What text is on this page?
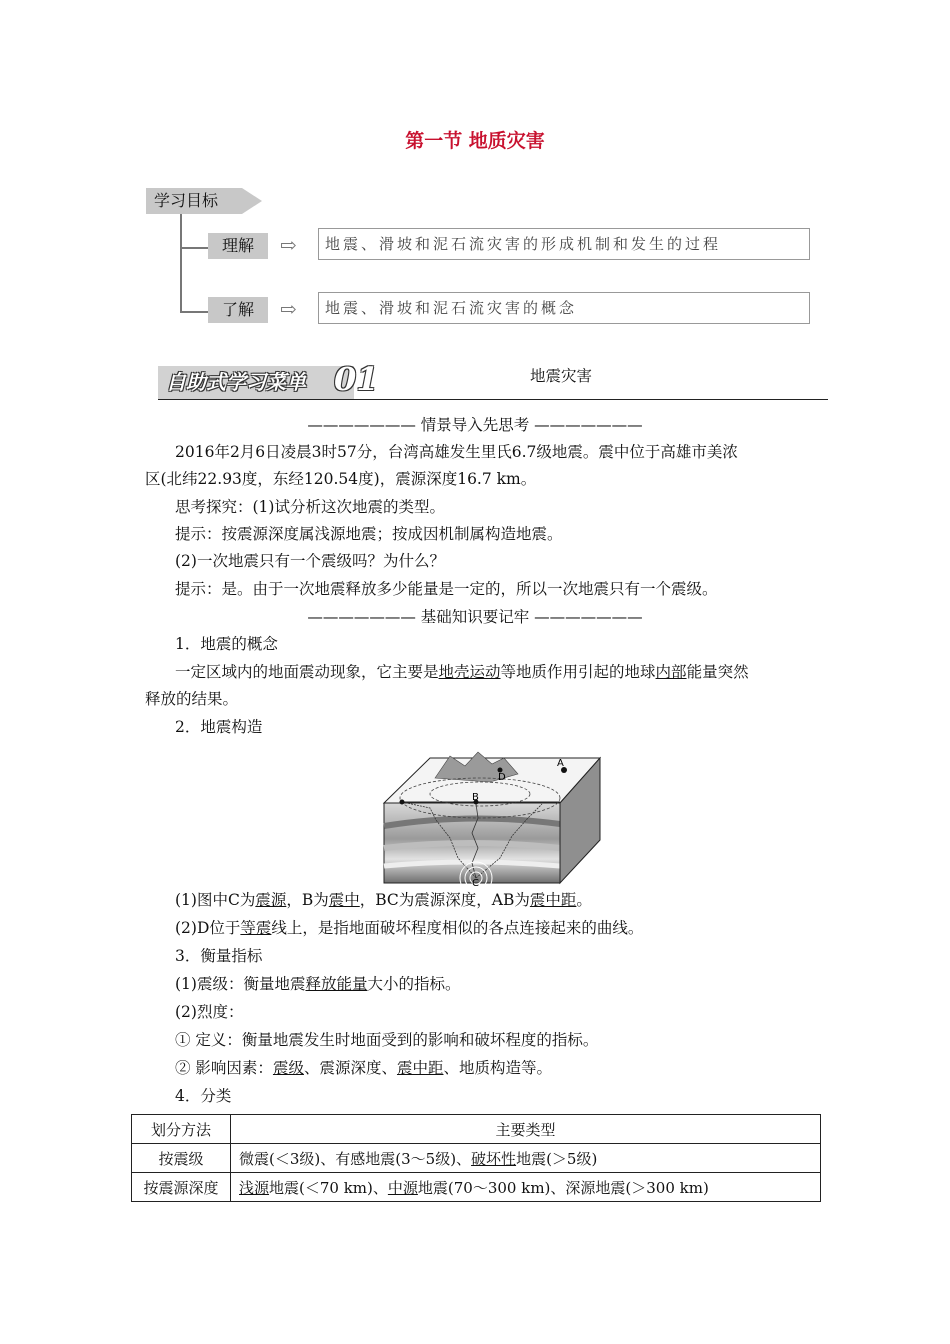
第一节 地质灾害
学习目标
理解	⇨	地震、滑坡和泥石流灾害的形成机制和发生的过程
了解	⇨	地震、滑坡和泥石流灾害的概念
自助式学习菜单 01	地震灾害
——————— 情景导入先思考 ———————
2016年2月6日凌晨3时57分，台湾高雄发生里氏6.7级地震。震中位于高雄市美浓
区(北纬22.93度，东经120.54度)，震源深度16.7 km。
思考探究：(1)试分析这次地震的类型。
提示：按震源深度属浅源地震；按成因机制属构造地震。
(2)一次地震只有一个震级吗？为什么？
提示：是。由于一次地震释放多少能量是一定的，所以一次地震只有一个震级。
——————— 基础知识要记牢 ———————
1．地震的概念
一定区域内的地面震动现象，它主要是地壳运动等地质作用引起的地球内部能量突然
释放的结果。
2．地震构造
A
B
C
D
(1)图中C为震源，B为震中，BC为震源深度，AB为震中距。
(2)D位于等震线上，是指地面破坏程度相似的各点连接起来的曲线。
3．衡量指标
(1)震级：衡量地震释放能量大小的指标。
(2)烈度：
① 定义：衡量地震发生时地面受到的影响和破坏程度的指标。
② 影响因素：震级、震源深度、震中距、地质构造等。
4．分类
划分方法	主要类型
按震级	微震(＜3级)、有感地震(3～5级)、破坏性地震(＞5级)
按震源深度	浅源地震(＜70 km)、中源地震(70～300 km)、深源地震(＞300 km)
